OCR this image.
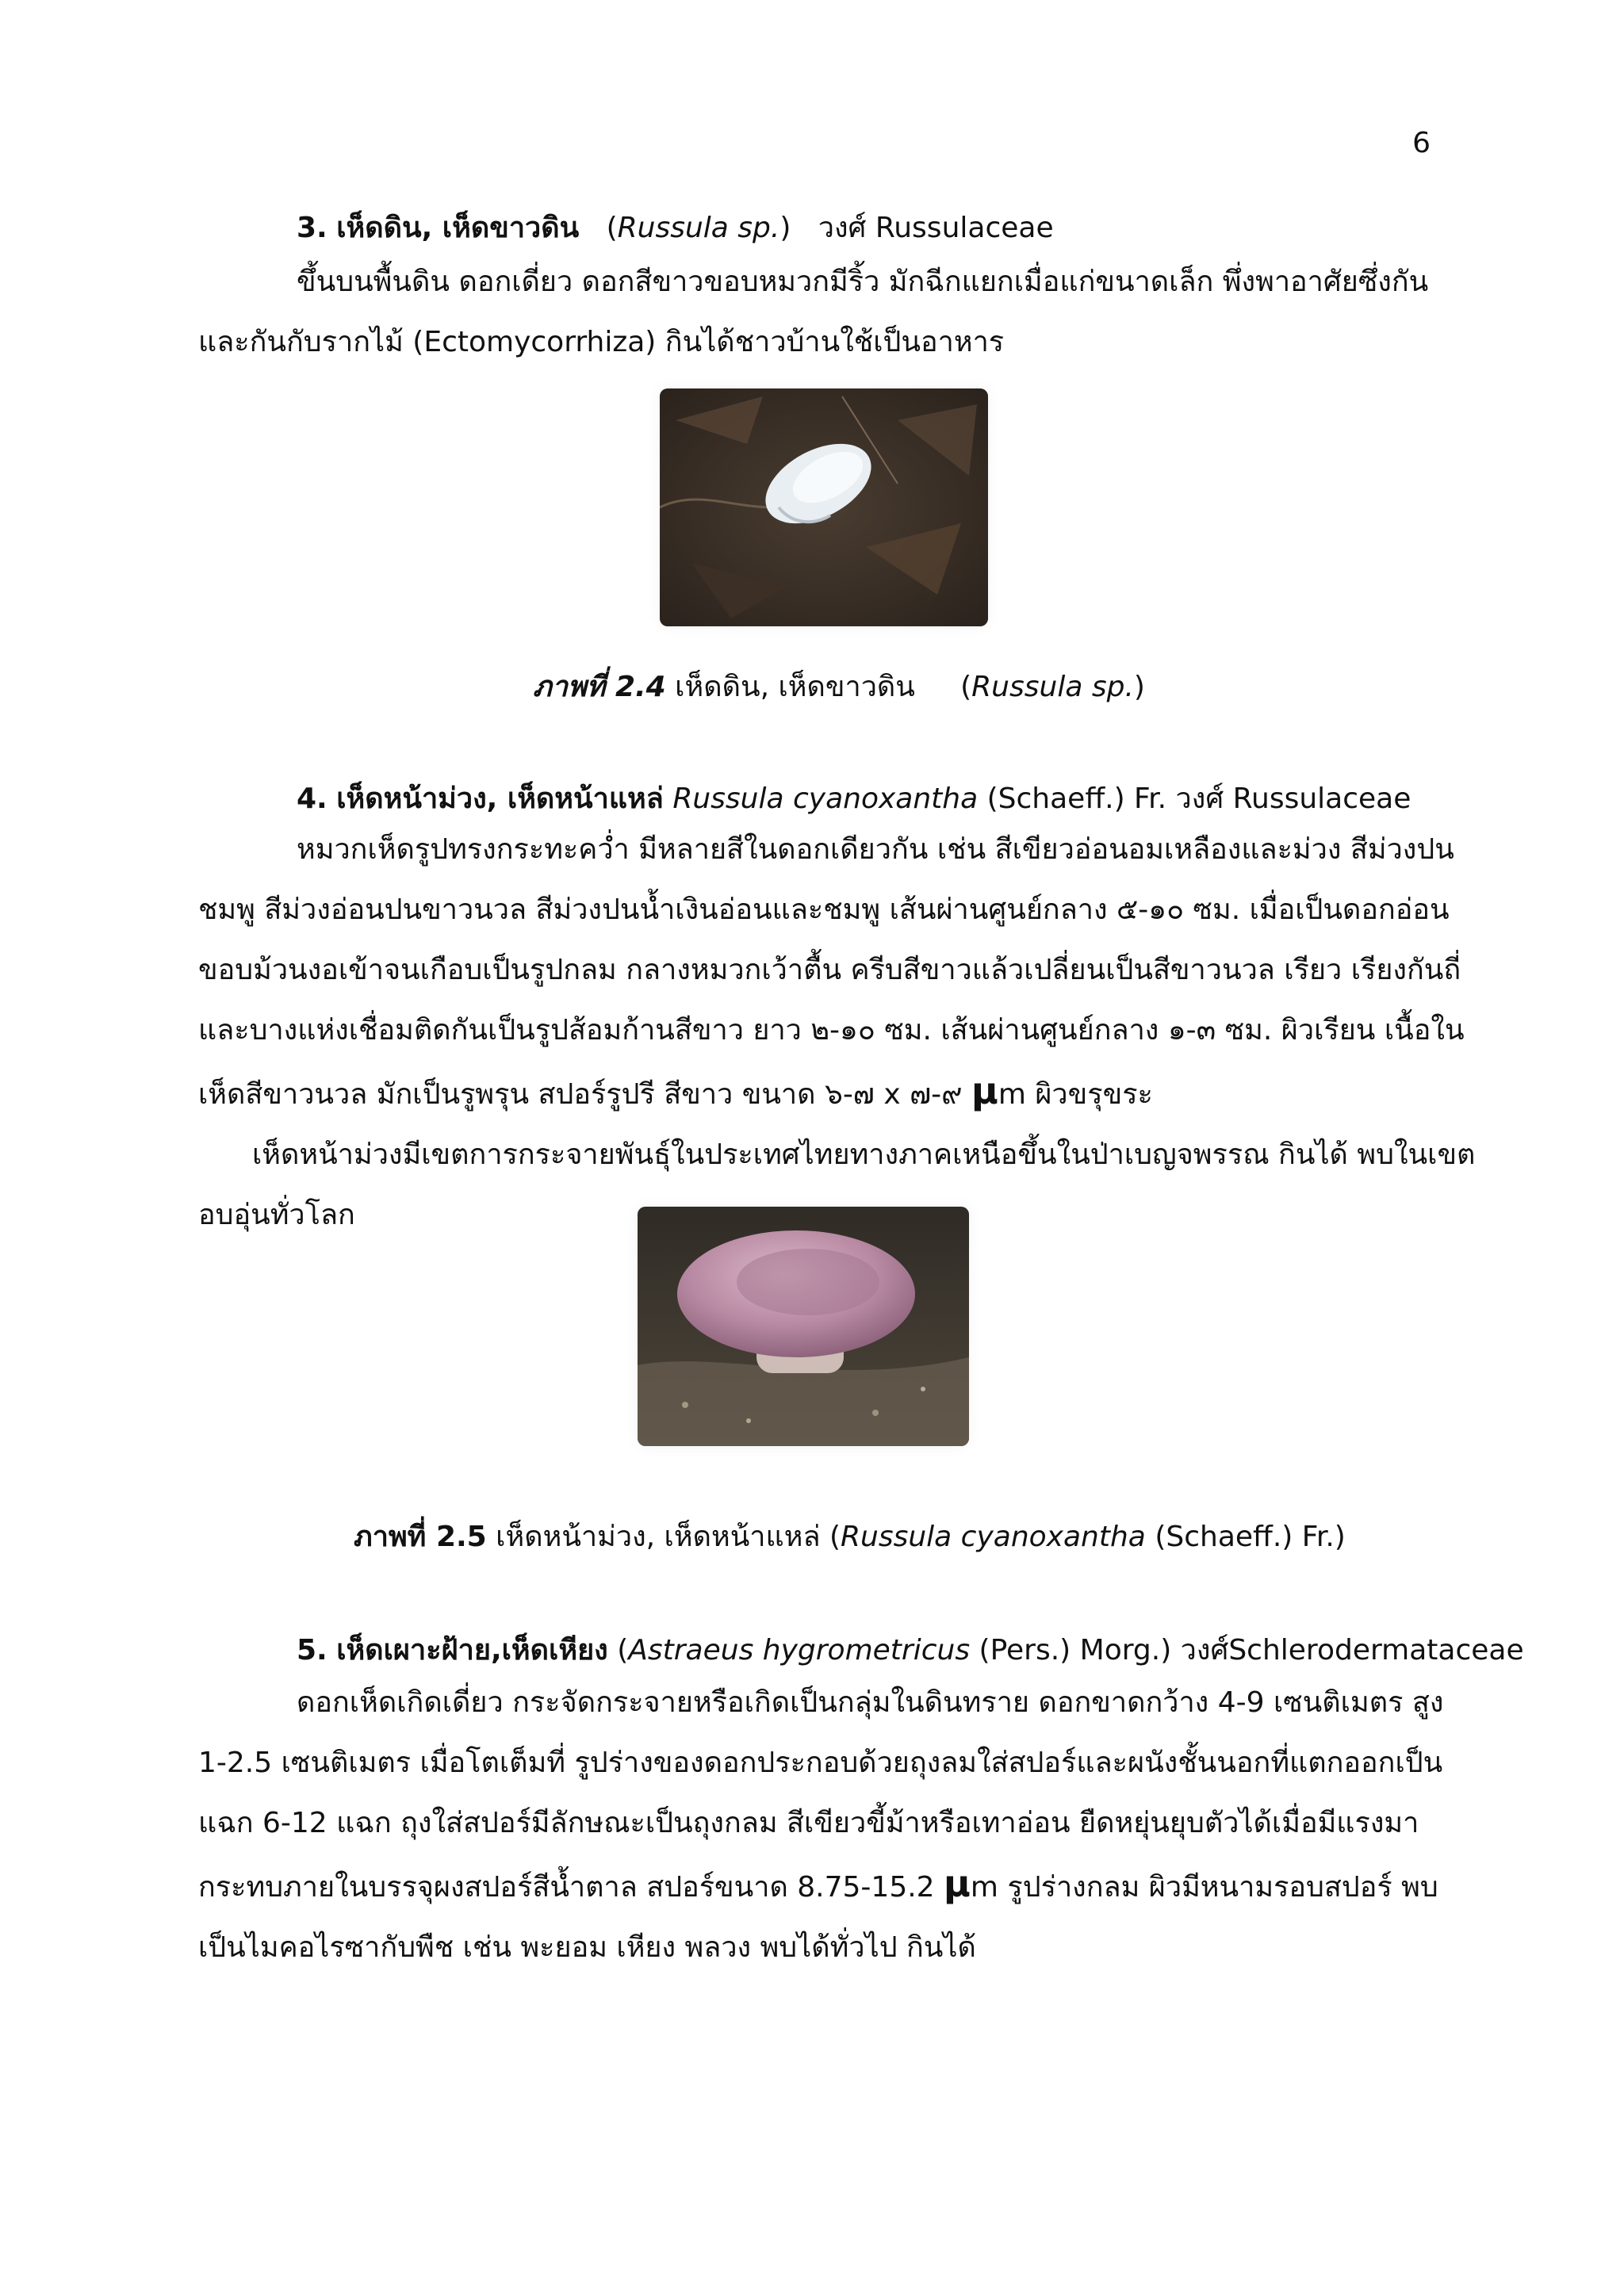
6
3. เห็ดดิน, เห็ดขาวดิน (Russula sp.) วงศ์ Russulaceae
ขึ้นบนพื้นดิน ดอกเดี่ยว ดอกสีขาวขอบหมวกมีริ้ว มักฉีกแยกเมื่อแก่ขนาดเล็ก พึ่งพาอาศัยซึ่งกัน
และกันกับรากไม้ (Ectomycorrhiza) กินได้ชาวบ้านใช้เป็นอาหาร
ภาพที่ 2.4 เห็ดดิน, เห็ดขาวดิน (Russula sp.)
4. เห็ดหน้าม่วง, เห็ดหน้าแหล่ Russula cyanoxantha (Schaeff.) Fr. วงศ์ Russulaceae
หมวกเห็ดรูปทรงกระทะคว่ำ มีหลายสีในดอกเดียวกัน เช่น สีเขียวอ่อนอมเหลืองและม่วง สีม่วงปน
ชมพู สีม่วงอ่อนปนขาวนวล สีม่วงปนน้ำเงินอ่อนและชมพู เส้นผ่านศูนย์กลาง ๕-๑๐ ซม. เมื่อเป็นดอกอ่อน
ขอบม้วนงอเข้าจนเกือบเป็นรูปกลม กลางหมวกเว้าตื้น ครีบสีขาวแล้วเปลี่ยนเป็นสีขาวนวล เรียว เรียงกันถี่
และบางแห่งเชื่อมติดกันเป็นรูปส้อมก้านสีขาว ยาว ๒-๑๐ ซม. เส้นผ่านศูนย์กลาง ๑-๓ ซม. ผิวเรียน เนื้อใน
เห็ดสีขาวนวล มักเป็นรูพรุน สปอร์รูปรี สีขาว ขนาด ๖-๗ x ๗-๙ μm ผิวขรุขระ
เห็ดหน้าม่วงมีเขตการกระจายพันธุ์ในประเทศไทยทางภาคเหนือขึ้นในป่าเบญจพรรณ กินได้ พบในเขต
อบอุ่นทั่วโลก
ภาพที่ 2.5 เห็ดหน้าม่วง, เห็ดหน้าแหล่ (Russula cyanoxantha (Schaeff.) Fr.)
5. เห็ดเผาะฝ้าย,เห็ดเหียง (Astraeus hygrometricus (Pers.) Morg.) วงศ์Schlerodermataceae
ดอกเห็ดเกิดเดี่ยว กระจัดกระจายหรือเกิดเป็นกลุ่มในดินทราย ดอกขาดกว้าง 4-9 เซนติเมตร สูง
1-2.5 เซนติเมตร เมื่อโตเต็มที่ รูปร่างของดอกประกอบด้วยถุงลมใส่สปอร์และผนังชั้นนอกที่แตกออกเป็น
แฉก 6-12 แฉก ถุงใส่สปอร์มีลักษณะเป็นถุงกลม สีเขียวขี้ม้าหรือเทาอ่อน ยืดหยุ่นยุบตัวได้เมื่อมีแรงมา
กระทบภายในบรรจุผงสปอร์สีน้ำตาล สปอร์ขนาด 8.75-15.2 μm รูปร่างกลม ผิวมีหนามรอบสปอร์ พบ
เป็นไมคอไรซากับพืช เช่น พะยอม เหียง พลวง พบได้ทั่วไป กินได้
